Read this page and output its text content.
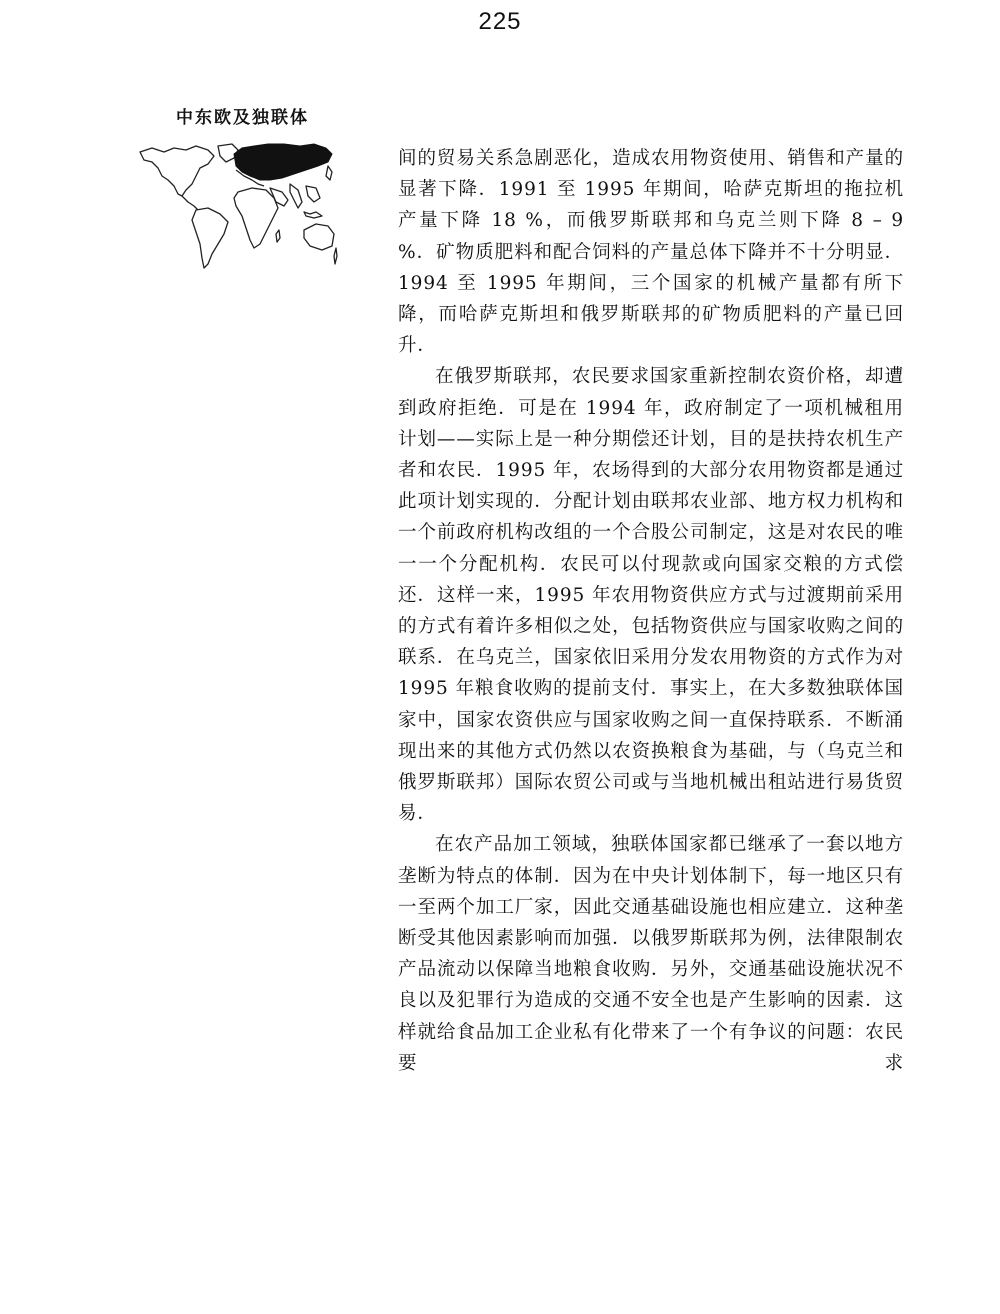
225
中东欧及独联体

间的贸易关系急剧恶化，造成农用物资使用、销售和产量的显著下降．1991 至 1995 年期间，哈萨克斯坦的拖拉机产量下降 18 %，而俄罗斯联邦和乌克兰则下降 8 – 9 %．矿物质肥料和配合饲料的产量总体下降并不十分明显．1994 至 1995 年期间，三个国家的机械产量都有所下降，而哈萨克斯坦和俄罗斯联邦的矿物质肥料的产量已回升．

在俄罗斯联邦，农民要求国家重新控制农资价格，却遭到政府拒绝．可是在 1994 年，政府制定了一项机械租用计划——实际上是一种分期偿还计划，目的是扶持农机生产者和农民．1995 年，农场得到的大部分农用物资都是通过此项计划实现的．分配计划由联邦农业部、地方权力机构和一个前政府机构改组的一个合股公司制定，这是对农民的唯一一个分配机构．农民可以付现款或向国家交粮的方式偿还．这样一来，1995 年农用物资供应方式与过渡期前采用的方式有着许多相似之处，包括物资供应与国家收购之间的联系．在乌克兰，国家依旧采用分发农用物资的方式作为对 1995 年粮食收购的提前支付．事实上，在大多数独联体国家中，国家农资供应与国家收购之间一直保持联系．不断涌现出来的其他方式仍然以农资换粮食为基础，与（乌克兰和俄罗斯联邦）国际农贸公司或与当地机械出租站进行易货贸易．

在农产品加工领域，独联体国家都已继承了一套以地方垄断为特点的体制．因为在中央计划体制下，每一地区只有一至两个加工厂家，因此交通基础设施也相应建立．这种垄断受其他因素影响而加强．以俄罗斯联邦为例，法律限制农产品流动以保障当地粮食收购．另外，交通基础设施状况不良以及犯罪行为造成的交通不安全也是产生影响的因素．这样就给食品加工企业私有化带来了一个有争议的问题：农民要求
